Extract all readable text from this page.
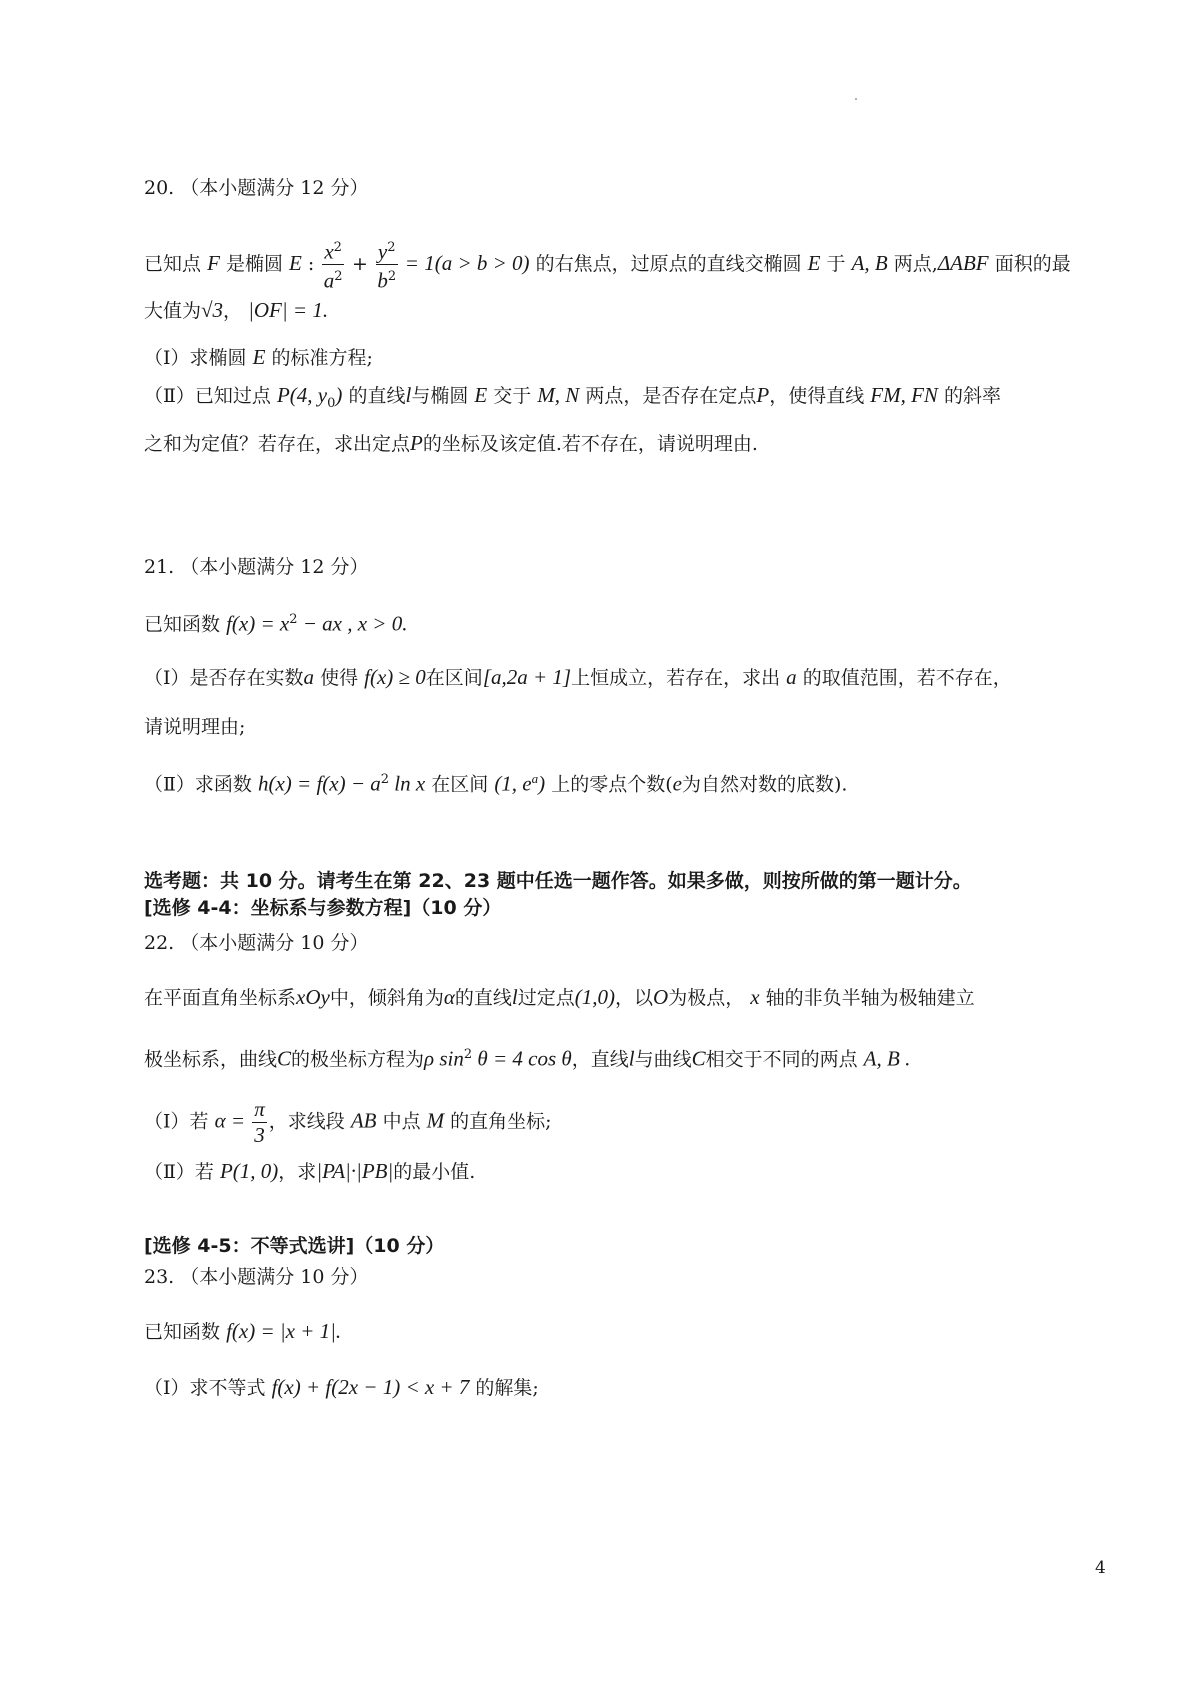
20. （本小题满分 12 分）
已知点 F 是椭圆 E : $\frac{x^2}{a^2} + \frac{y^2}{b^2} = 1(a > b > 0)$ 的右焦点，过原点的直线交椭圆 E 于 A, B 两点,ΔABF 面积的最
大值为√3， |OF| = 1.
（Ⅰ）求椭圆 E 的标准方程;
（Ⅱ）已知过点 P(4, $y_0$) 的直线l与椭圆 E 交于 M, N 两点，是否存在定点P，使得直线 FM, FN 的斜率
之和为定值？若存在，求出定点P的坐标及该定值.若不存在，请说明理由.
21. （本小题满分 12 分）
已知函数 $f(x) = x^2$ − ax , x > 0.
（Ⅰ）是否存在实数a 使得 f(x) ≥ 0在区间[a,2a + 1]上恒成立，若存在，求出 a 的取值范围，若不存在，
请说明理由;
（Ⅱ）求函数 $h(x) = f(x) - a^2$ ln x 在区间 (1, $e^a$) 上的零点个数(e为自然对数的底数).
选考题：共 10 分。请考生在第 22、23 题中任选一题作答。如果多做，则按所做的第一题计分。
[选修 4-4：坐标系与参数方程]（10 分）
22. （本小题满分 10 分）
在平面直角坐标系xOy中，倾斜角为α的直线l过定点(1,0)，以O为极点， x 轴的非负半轴为极轴建立
极坐标系，曲线C的极坐标方程为ρ $\sin^2 \theta = 4$ cos θ，直线l与曲线C相交于不同的两点 A, B .
（Ⅰ）若 $\alpha = \frac{\pi}{3}$ ，求线段 AB 中点 M 的直角坐标;
（Ⅱ）若 P(1, 0)，求|PA|·|PB|的最小值.
[选修 4-5：不等式选讲]（10 分）
23. （本小题满分 10 分）
已知函数 f(x) = |x + 1|.
（Ⅰ）求不等式 f(x) + f(2x − 1) < x + 7 的解集;
4
